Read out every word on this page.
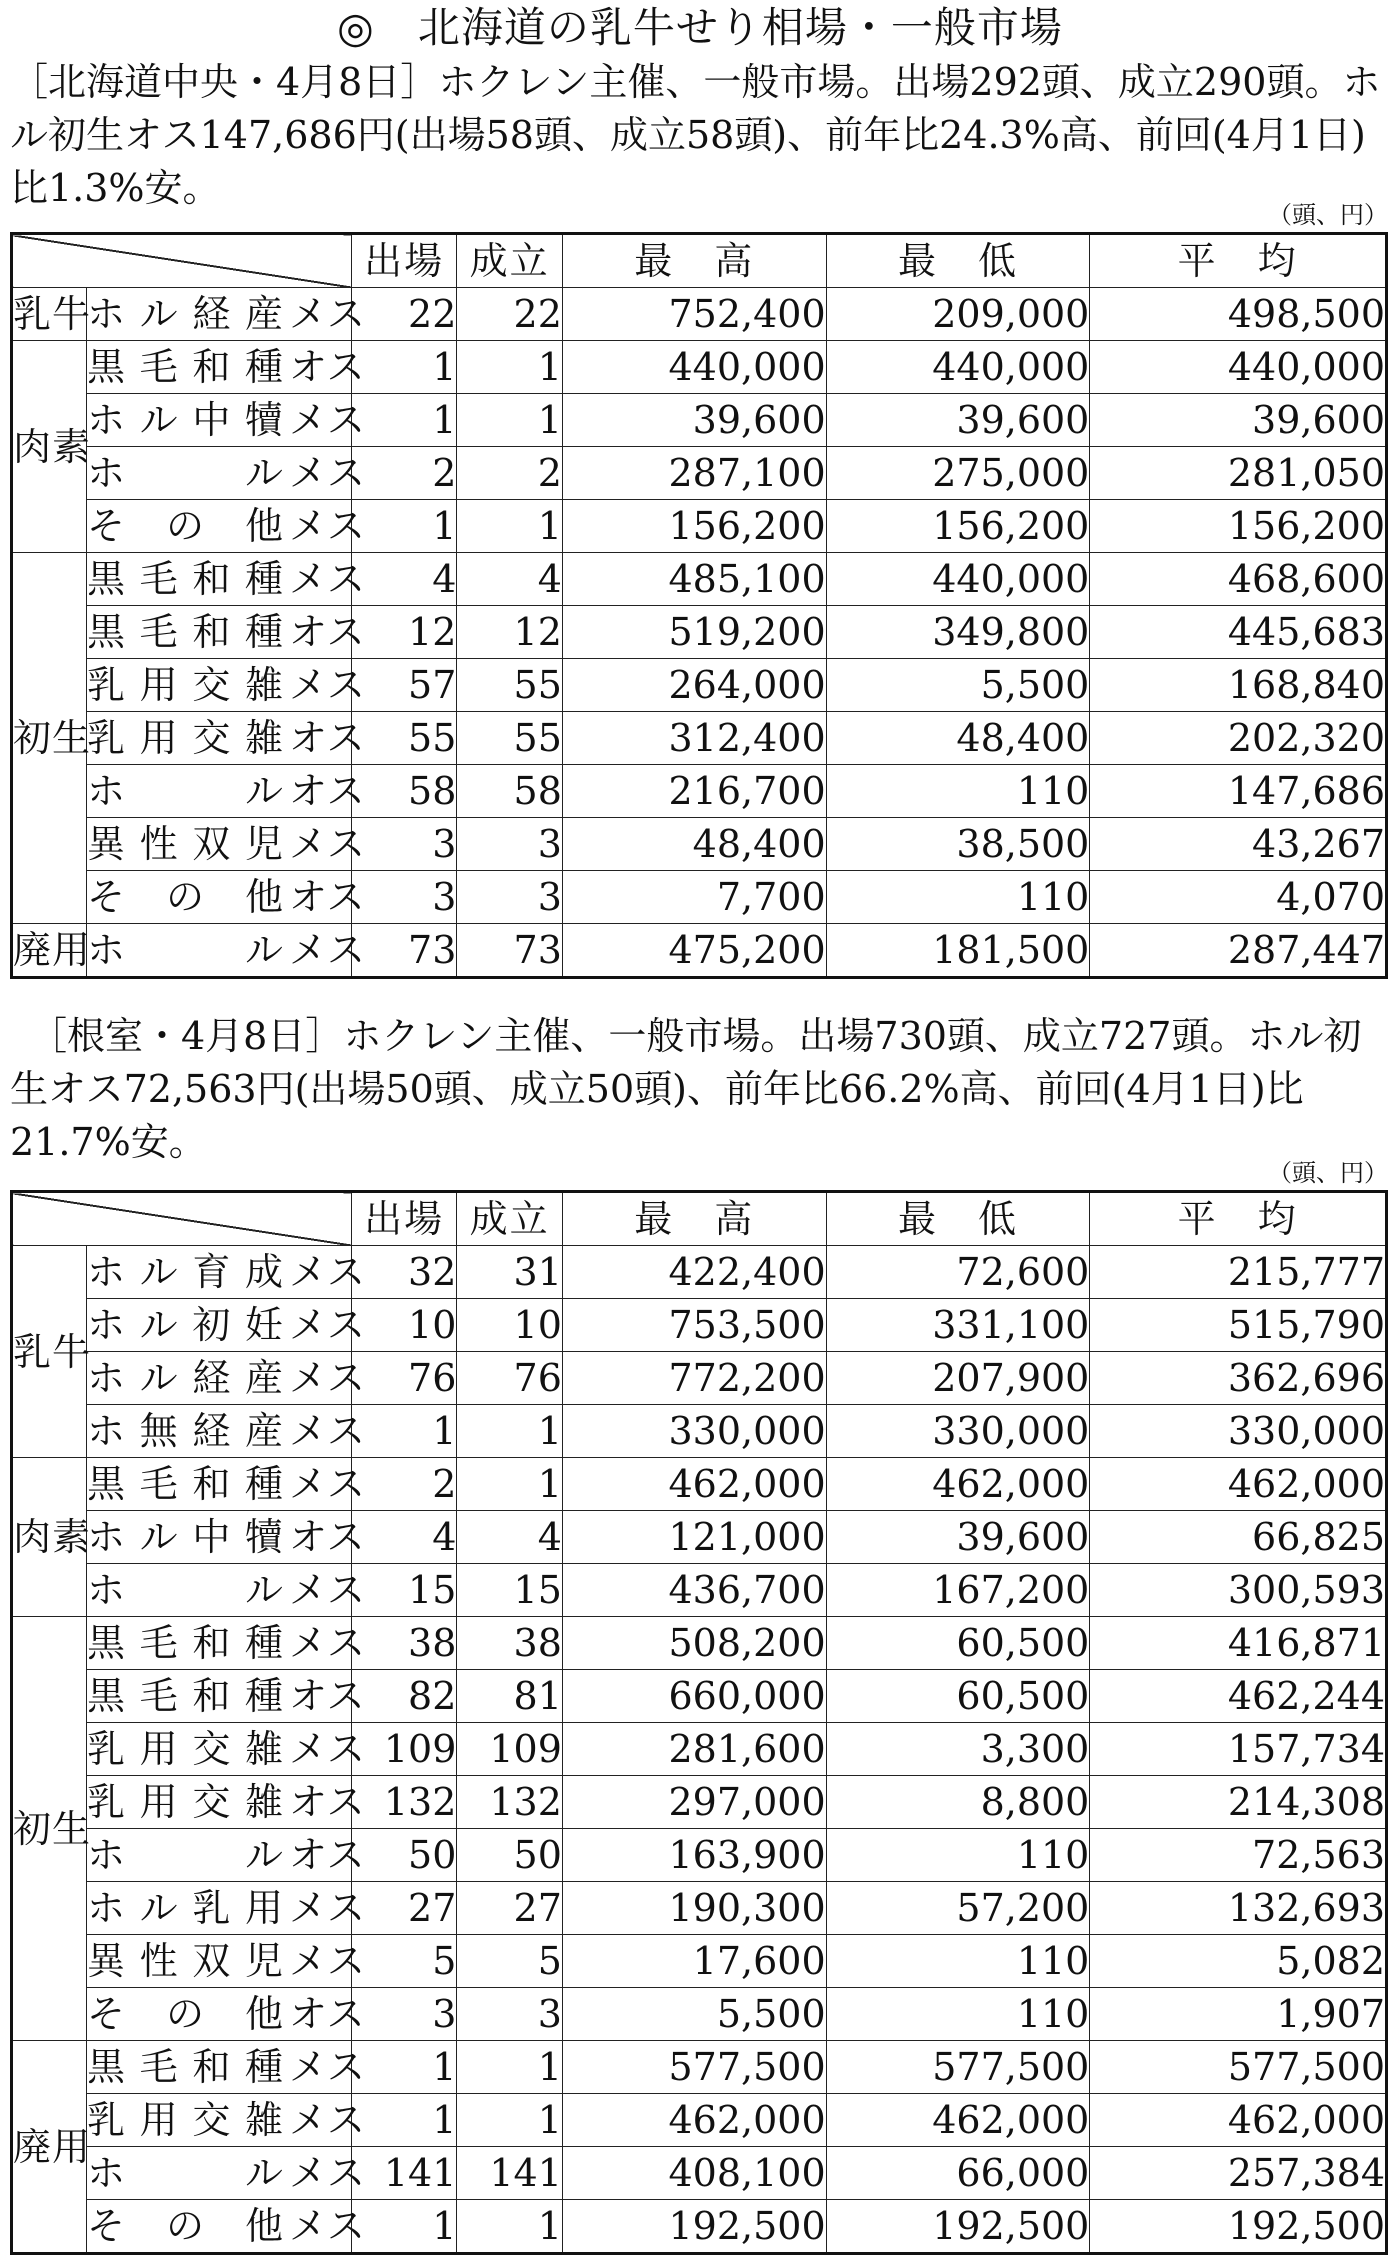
◎　北海道の乳牛せり相場・一般市場

［北海道中央・4月8日］ホクレン主催、一般市場。出場292頭、成立290頭。ホル初生オス147,686円(出場58頭、成立58頭)、前年比24.3%高、前回(4月1日)比1.3%安。

（頭、円）
		出場	成立	最　高	最　低	平　均
乳牛	ホル経産 メス	22	22	752,400	209,000	498,500
肉素	黒毛和種 オス	1	1	440,000	440,000	440,000
	ホル中犢 メス	1	1	39,600	39,600	39,600
	ホル メス	2	2	287,100	275,000	281,050
	その他 メス	1	1	156,200	156,200	156,200
初生	黒毛和種 メス	4	4	485,100	440,000	468,600
	黒毛和種 オス	12	12	519,200	349,800	445,683
	乳用交雑 メス	57	55	264,000	5,500	168,840
	乳用交雑 オス	55	55	312,400	48,400	202,320
	ホル オス	58	58	216,700	110	147,686
	異性双児 メス	3	3	48,400	38,500	43,267
	その他 オス	3	3	7,700	110	4,070
廃用	ホル メス	73	73	475,200	181,500	287,447

　［根室・4月8日］ホクレン主催、一般市場。出場730頭、成立727頭。ホル初生オス72,563円(出場50頭、成立50頭)、前年比66.2%高、前回(4月1日)比21.7%安。

（頭、円）
		出場	成立	最　高	最　低	平　均
乳牛	ホル育成 メス	32	31	422,400	72,600	215,777
	ホル初妊 メス	10	10	753,500	331,100	515,790
	ホル経産 メス	76	76	772,200	207,900	362,696
	ホ無経産 メス	1	1	330,000	330,000	330,000
肉素	黒毛和種 メス	2	1	462,000	462,000	462,000
	ホル中犢 オス	4	4	121,000	39,600	66,825
	ホル メス	15	15	436,700	167,200	300,593
初生	黒毛和種 メス	38	38	508,200	60,500	416,871
	黒毛和種 オス	82	81	660,000	60,500	462,244
	乳用交雑 メス	109	109	281,600	3,300	157,734
	乳用交雑 オス	132	132	297,000	8,800	214,308
	ホル オス	50	50	163,900	110	72,563
	ホル乳用 メス	27	27	190,300	57,200	132,693
	異性双児 メス	5	5	17,600	110	5,082
	その他 オス	3	3	5,500	110	1,907
廃用	黒毛和種 メス	1	1	577,500	577,500	577,500
	乳用交雑 メス	1	1	462,000	462,000	462,000
	ホル メス	141	141	408,100	66,000	257,384
	その他 メス	1	1	192,500	192,500	192,500
